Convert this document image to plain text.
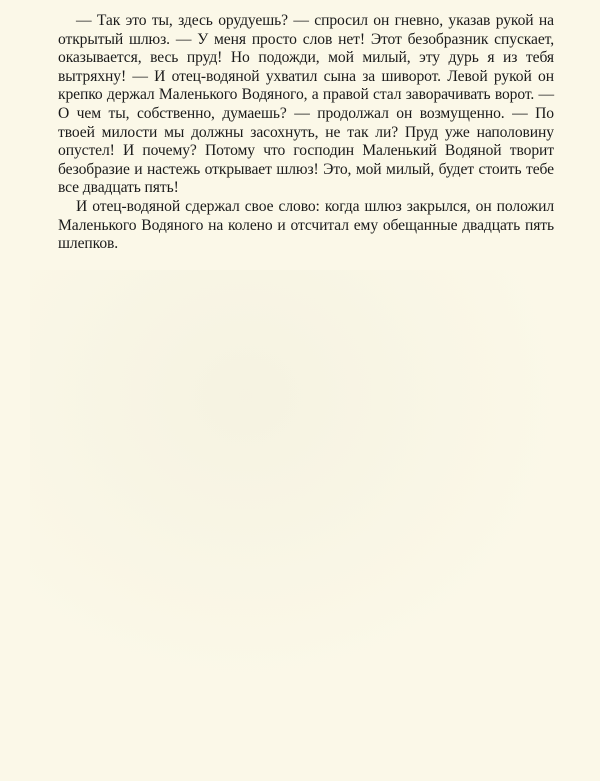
— Так это ты, здесь орудуешь? — спросил он гневно, указав рукой на открытый шлюз. — У меня просто слов нет! Этот безобразник спускает, оказывается, весь пруд! Но подожди, мой милый, эту дурь я из тебя вытряхну! — И отец-водяной ухватил сына за шиворот. Левой рукой он крепко держал Маленького Водяного, а правой стал заворачивать ворот. — О чем ты, собственно, думаешь? — продолжал он возмущенно. — По твоей милости мы должны засохнуть, не так ли? Пруд уже наполовину опустел! И почему? Потому что господин Маленький Водяной творит безобразие и настежь открывает шлюз! Это, мой милый, будет стоить тебе все двадцать пять!

И отец-водяной сдержал свое слово: когда шлюз закрылся, он положил Маленького Водяного на колено и отсчитал ему обещанные двадцать пять шлепков.
